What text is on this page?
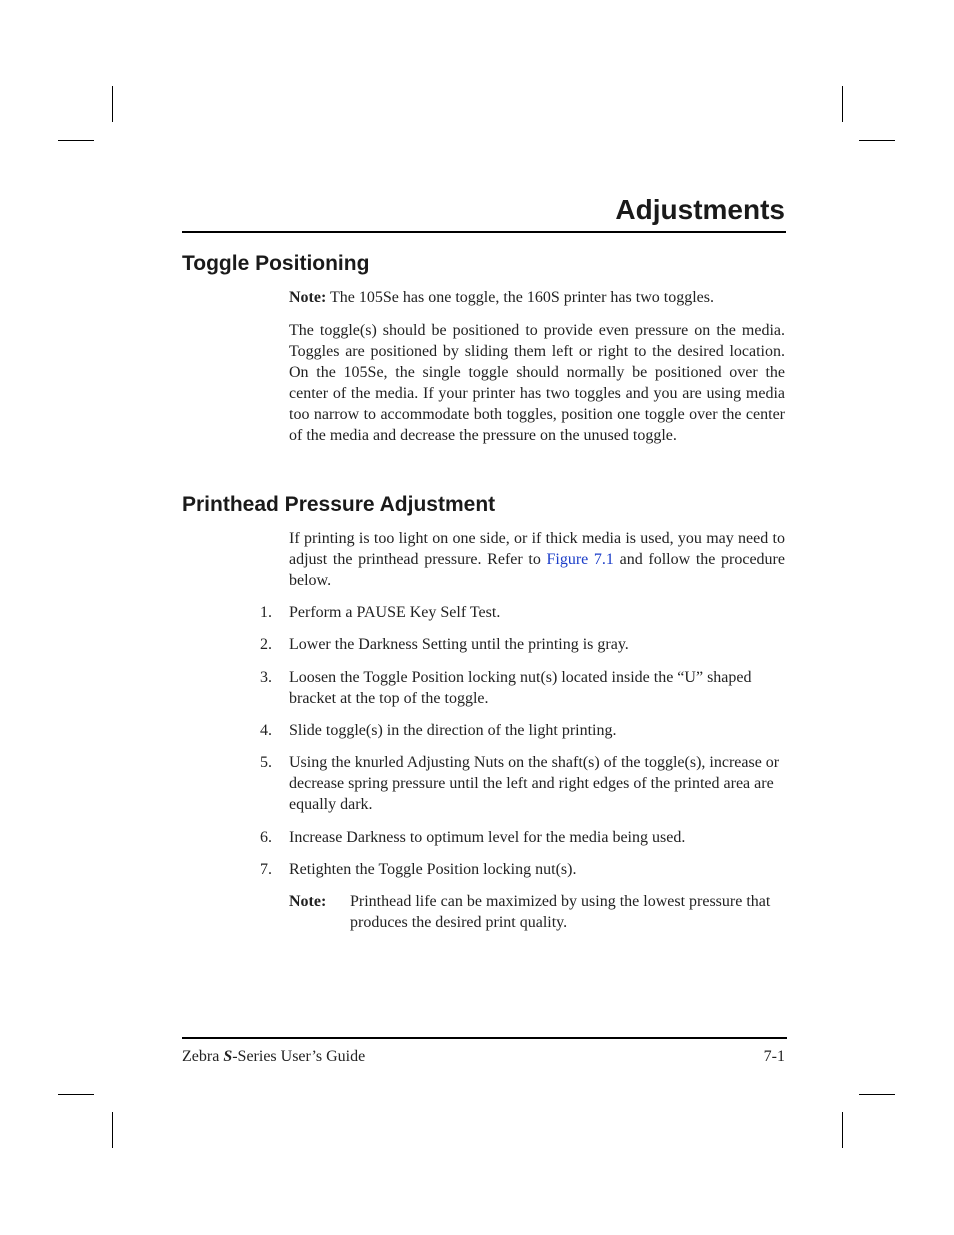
Adjustments
Toggle Positioning

Note: The 105Se has one toggle, the 160S printer has two toggles.

The toggle(s) should be positioned to provide even pressure on the media. Toggles are positioned by sliding them left or right to the desired location. On the 105Se, the single toggle should normally be positioned over the center of the media. If your printer has two toggles and you are using media too narrow to accommodate both toggles, position one toggle over the center of the media and decrease the pressure on the unused toggle.

Printhead Pressure Adjustment

If printing is too light on one side, or if thick media is used, you may need to adjust the printhead pressure. Refer to Figure 7.1 and follow the procedure below.

1. Perform a PAUSE Key Self Test.

2. Lower the Darkness Setting until the printing is gray.

3. Loosen the Toggle Position locking nut(s) located inside the “U” shaped bracket at the top of the toggle.

4. Slide toggle(s) in the direction of the light printing.

5. Using the knurled Adjusting Nuts on the shaft(s) of the toggle(s), increase or decrease spring pressure until the left and right edges of the printed area are equally dark.

6. Increase Darkness to optimum level for the media being used.

7. Retighten the Toggle Position locking nut(s).

Note: Printhead life can be maximized by using the lowest pressure that produces the desired print quality.
Zebra S-Series User’s Guide	7-1
